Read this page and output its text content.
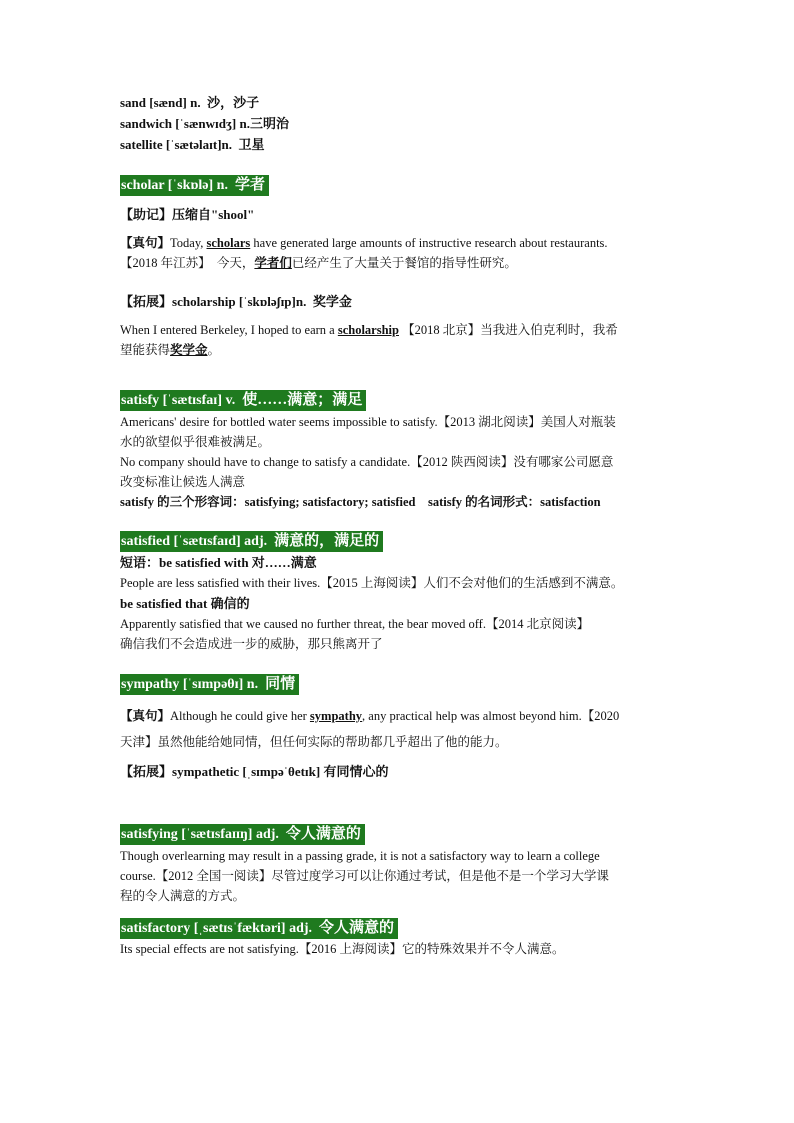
sand [sænd] n. 沙，沙子
sandwich [ˈsænwɪdʒ] n.三明治
satellite [ˈsætəlaɪt]n. 卫星
scholar [ˈskɒlə] n. 学者
【助记】压缩自"shool"
【真句】Today, scholars have generated large amounts of instructive research about restaurants.
【2018 年江苏】 今天，学者们已经产生了大量关于餐馆的指导性研究。
【拓展】scholarship [ˈskɒləʃɪp]n. 奖学金
When I entered Berkeley, I hoped to earn a scholarship 【2018 北京】当我进入伯克利时，我希
望能获得奖学金。
satisfy [ˈsætɪsfaɪ] v. 使……满意；满足
Americans' desire for bottled water seems impossible to satisfy.【2013 湖北阅读】美国人对瓶装
水的欲望似乎很难被满足。
No company should have to change to satisfy a candidate.【2012 陕西阅读】没有哪家公司愿意
改变标准让候选人满意
satisfy 的三个形容词：satisfying; satisfactory; satisfied　satisfy 的名词形式：satisfaction
satisfied [ˈsætɪsfaɪd] adj. 满意的，满足的
短语：be satisfied with 对……满意
People are less satisfied with their lives.【2015 上海阅读】人们不会对他们的生活感到不满意。
be satisfied that 确信的
Apparently satisfied that we caused no further threat, the bear moved off.【2014 北京阅读】
确信我们不会造成进一步的威胁，那只熊离开了
sympathy [ˈsɪmpəθɪ] n. 同情
【真句】Although he could give her sympathy, any practical help was almost beyond him.【2020
天津】虽然他能给她同情，但任何实际的帮助都几乎超出了他的能力。
【拓展】sympathetic [ˌsɪmpəˈθetɪk] 有同情心的
satisfying [ˈsætɪsfaɪɪŋ] adj. 令人满意的
Though overlearning may result in a passing grade, it is not a satisfactory way to learn a college
course.【2012 全国一阅读】尽管过度学习可以让你通过考试，但是他不是一个学习大学课
程的令人满意的方式。
satisfactory [ˌsætɪsˈfæktəri] adj. 令人满意的
Its special effects are not satisfying.【2016 上海阅读】它的特殊效果并不令人满意。
